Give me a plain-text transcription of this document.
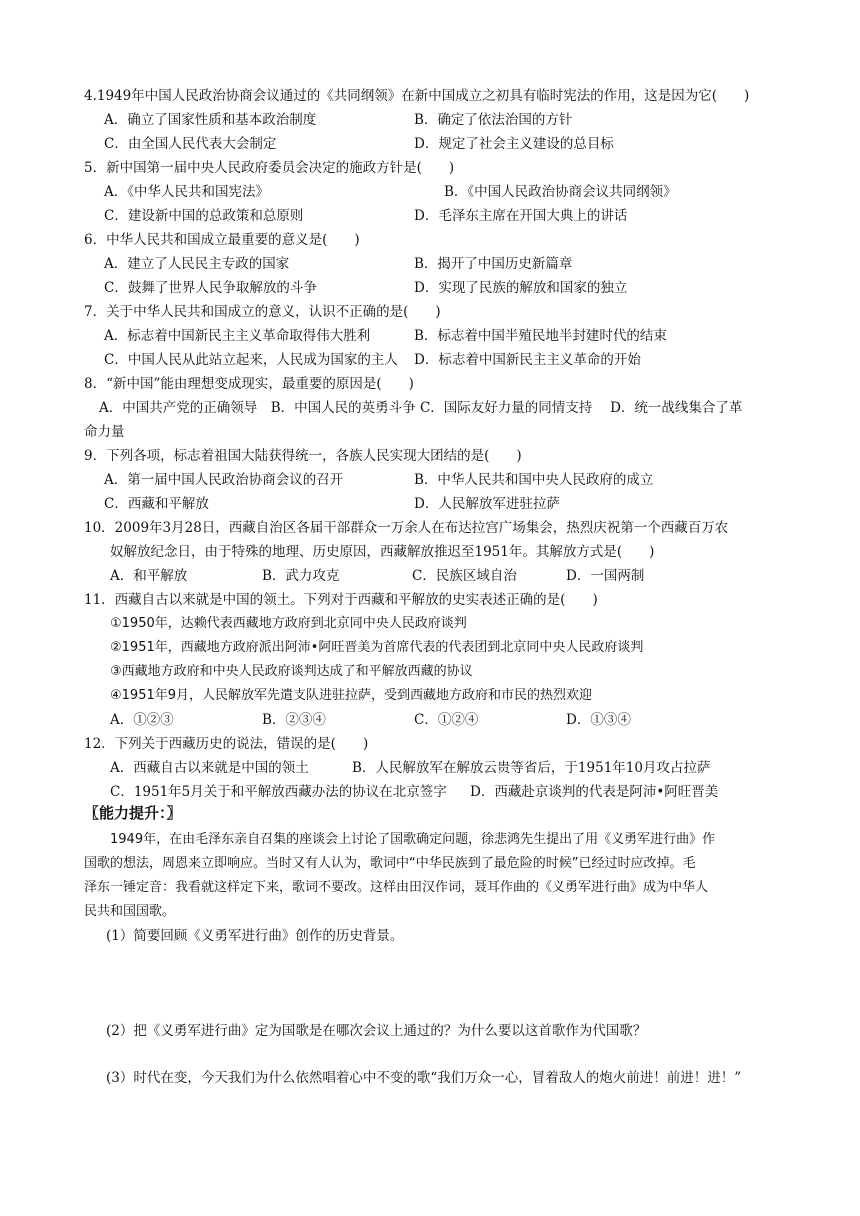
4.1949年中国人民政治协商会议通过的《共同纲领》在新中国成立之初具有临时宪法的作用，这是因为它(　　)
A．确立了国家性质和基本政治制度	B．确定了依法治国的方针
C．由全国人民代表大会制定	D．规定了社会主义建设的总目标
5．新中国第一届中央人民政府委员会决定的施政方针是(　　)
A．《中华人民共和国宪法》	B．《中国人民政治协商会议共同纲领》
C．建设新中国的总政策和总原则	D．毛泽东主席在开国大典上的讲话
6．中华人民共和国成立最重要的意义是(　　)
A．建立了人民民主专政的国家	B．揭开了中国历史新篇章
C．鼓舞了世界人民争取解放的斗争	D．实现了民族的解放和国家的独立
7．关于中华人民共和国成立的意义，认识不正确的是(　　)
A．标志着中国新民主主义革命取得伟大胜利	B．标志着中国半殖民地半封建时代的结束
C．中国人民从此站立起来，人民成为国家的主人 D．标志着中国新民主主义革命的开始
8．“新中国”能由理想变成现实，最重要的原因是(　　)
A．中国共产党的正确领导　B．中国人民的英勇斗争 C．国际友好力量的同情支持　 D．统一战线集合了革
命力量
9．下列各项，标志着祖国大陆获得统一，各族人民实现大团结的是(　　)
A．第一届中国人民政治协商会议的召开	B．中华人民共和国中央人民政府的成立
C．西藏和平解放	D．人民解放军进驻拉萨
10．2009年3月28日，西藏自治区各届干部群众一万余人在布达拉宫广场集会，热烈庆祝第一个西藏百万农
奴解放纪念日，由于特殊的地理、历史原因，西藏解放推迟至1951年。其解放方式是(　　)
A．和平解放	B．武力攻克	C．民族区域自治	D．一国两制
11．西藏自古以来就是中国的领土。下列对于西藏和平解放的史实表述正确的是(　　)
①1950年，达赖代表西藏地方政府到北京同中央人民政府谈判
②1951年，西藏地方政府派出阿沛•阿旺晋美为首席代表的代表团到北京同中央人民政府谈判
③西藏地方政府和中央人民政府谈判达成了和平解放西藏的协议
④1951年9月，人民解放军先遣支队进驻拉萨，受到西藏地方政府和市民的热烈欢迎
A．①②③	B．②③④	C．①②④	D．①③④
12．下列关于西藏历史的说法，错误的是(　　)
A．西藏自古以来就是中国的领土	B．人民解放军在解放云贵等省后，于1951年10月攻占拉萨
C．1951年5月关于和平解放西藏办法的协议在北京签字 D．西藏赴京谈判的代表是阿沛•阿旺晋美
〖能力提升：〗
1949年，在由毛泽东亲自召集的座谈会上讨论了国歌确定问题，徐悲鸿先生提出了用《义勇军进行曲》作
国歌的想法，周恩来立即响应。当时又有人认为，歌词中“中华民族到了最危险的时候”已经过时应改掉。毛
泽东一锤定音：我看就这样定下来，歌词不要改。这样由田汉作词，聂耳作曲的《义勇军进行曲》成为中华人
民共和国国歌。
(1）简要回顾《义勇军进行曲》创作的历史背景。
(2）把《义勇军进行曲》定为国歌是在哪次会议上通过的？为什么要以这首歌作为代国歌？
(3）时代在变，今天我们为什么依然唱着心中不变的歌“我们万众一心，冒着敌人的炮火前进！前进！进！”
